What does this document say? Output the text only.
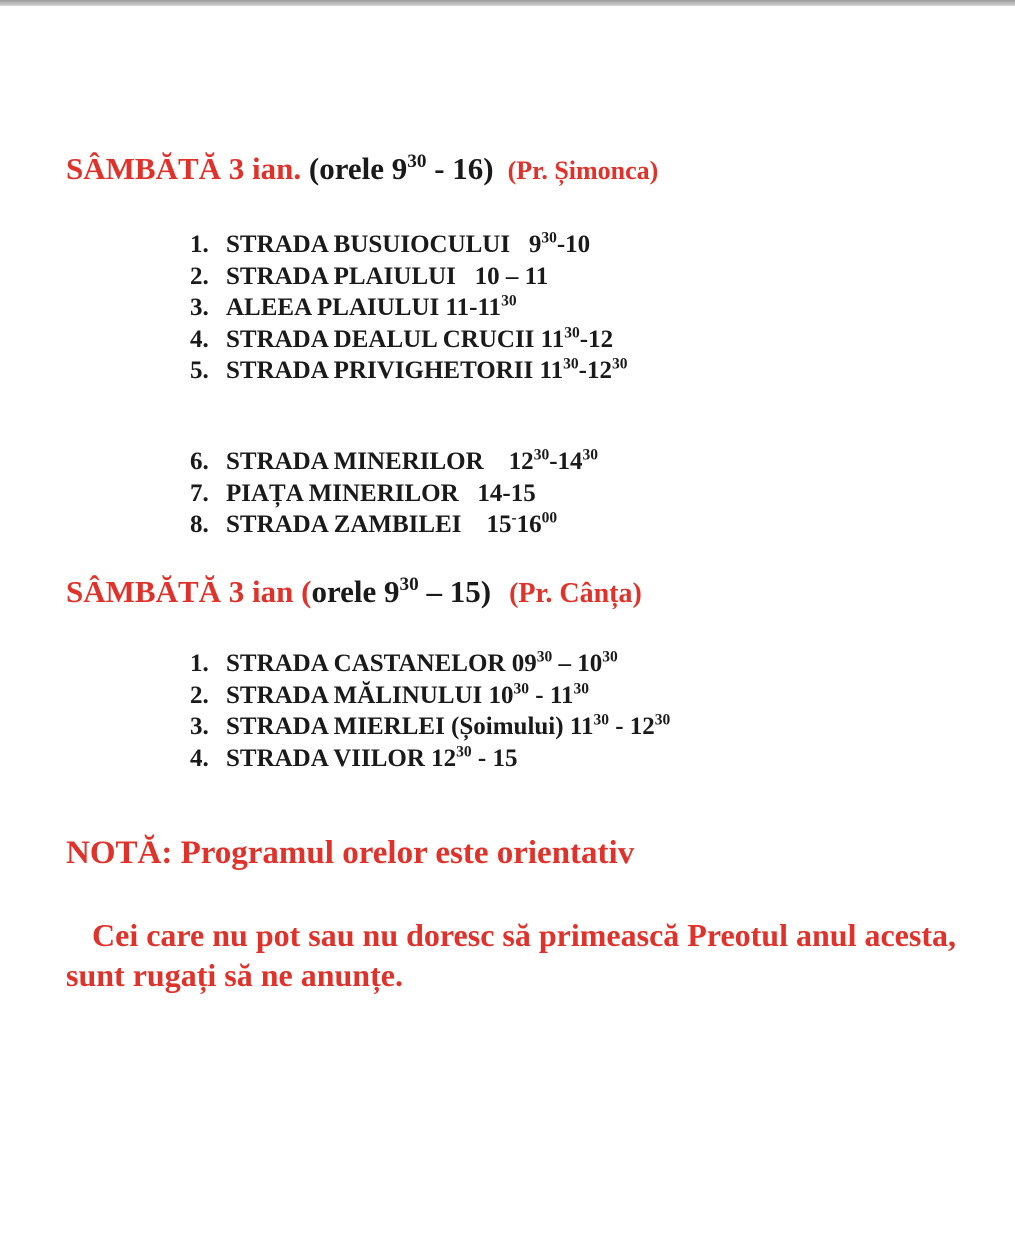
SÂMBĂTĂ 3 ian. (orele $9^{30} - 16$) (Pr. Șimonca)
1. STRADA BUSUIOCULUI   $9^{30}-10$
2. STRADA PLAIULUI   10 – 11
3. ALEEA PLAIULUI $11-11^{30}$
4. STRADA DEALUL CRUCII $11^{30}-12$
5. STRADA PRIVIGHETORII $11^{30}-12^{30}$
6. STRADA MINERILOR    $12^{30}-14^{30}$
7. PIAȚA MINERILOR   14-15
8. STRADA ZAMBILEI    $15^-16^{00}$
SÂMBĂTĂ 3 ian (orele $9^{30} - 15$) (Pr. Cânța)
1. STRADA CASTANELOR $09^{30} - 10^{30}$
2. STRADA MĂLINULUI $10^{30} - 11^{30}$
3. STRADA MIERLEI (Șoimului) $11^{30} - 12^{30}$
4. STRADA VIILOR $12^{30} - 15$
NOTĂ: Programul orelor este orientativ
Cei care nu pot sau nu doresc să primească Preotul anul acesta, sunt rugați să ne anunțe.
